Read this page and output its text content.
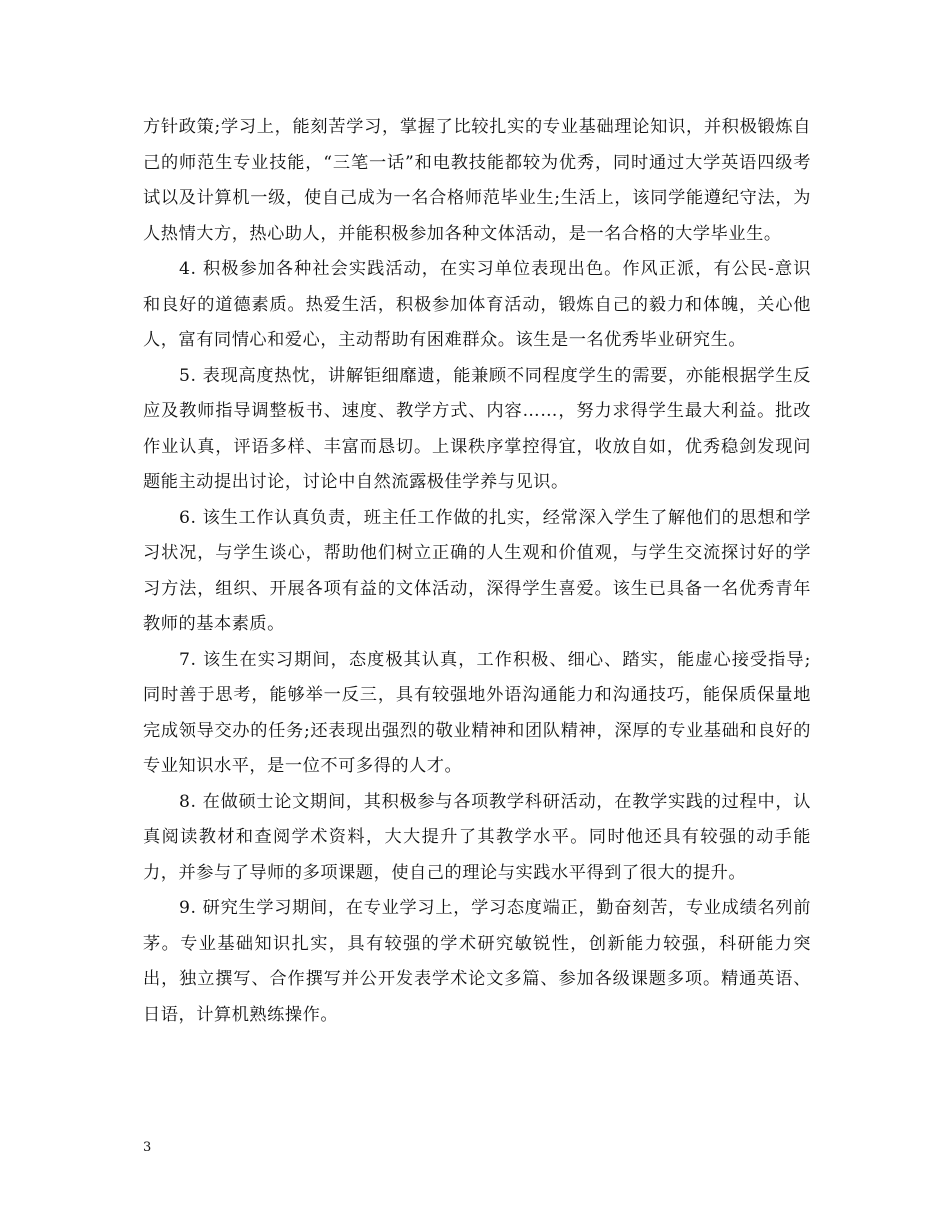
方针政策;学习上，能刻苦学习，掌握了比较扎实的专业基础理论知识，并积极锻炼自己的师范生专业技能，“三笔一话”和电教技能都较为优秀，同时通过大学英语四级考试以及计算机一级，使自己成为一名合格师范毕业生;生活上，该同学能遵纪守法，为人热情大方，热心助人，并能积极参加各种文体活动，是一名合格的大学毕业生。

4. 积极参加各种社会实践活动，在实习单位表现出色。作风正派，有公民-意识和良好的道德素质。热爱生活，积极参加体育活动，锻炼自己的毅力和体魄，关心他人，富有同情心和爱心，主动帮助有困难群众。该生是一名优秀毕业研究生。

5. 表现高度热忱，讲解钜细靡遗，能兼顾不同程度学生的需要，亦能根据学生反应及教师指导调整板书、速度、教学方式、内容……，努力求得学生最大利益。批改作业认真，评语多样、丰富而恳切。上课秩序掌控得宜，收放自如，优秀稳剑发现问题能主动提出讨论，讨论中自然流露极佳学养与见识。

6. 该生工作认真负责，班主任工作做的扎实，经常深入学生了解他们的思想和学习状况，与学生谈心，帮助他们树立正确的人生观和价值观，与学生交流探讨好的学习方法，组织、开展各项有益的文体活动，深得学生喜爱。该生已具备一名优秀青年教师的基本素质。

7. 该生在实习期间，态度极其认真，工作积极、细心、踏实，能虚心接受指导;同时善于思考，能够举一反三，具有较强地外语沟通能力和沟通技巧，能保质保量地完成领导交办的任务;还表现出强烈的敬业精神和团队精神，深厚的专业基础和良好的专业知识水平，是一位不可多得的人才。

8. 在做硕士论文期间，其积极参与各项教学科研活动，在教学实践的过程中，认真阅读教材和查阅学术资料，大大提升了其教学水平。同时他还具有较强的动手能力，并参与了导师的多项课题，使自己的理论与实践水平得到了很大的提升。

9. 研究生学习期间，在专业学习上，学习态度端正，勤奋刻苦，专业成绩名列前茅。专业基础知识扎实，具有较强的学术研究敏锐性，创新能力较强，科研能力突出，独立撰写、合作撰写并公开发表学术论文多篇、参加各级课题多项。精通英语、日语，计算机熟练操作。

3
